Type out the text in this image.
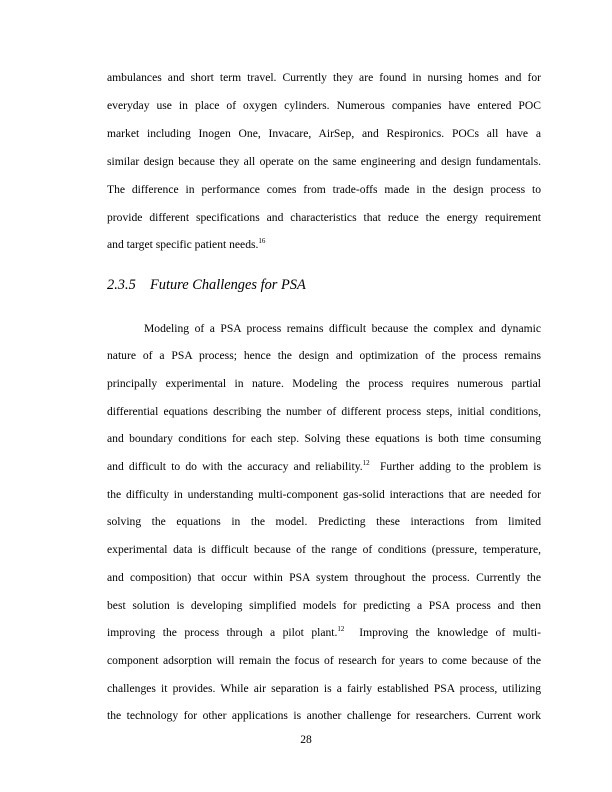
ambulances and short term travel. Currently they are found in nursing homes and for
everyday use in place of oxygen cylinders. Numerous companies have entered POC
market including Inogen One, Invacare, AirSep, and Respironics. POCs all have a
similar design because they all operate on the same engineering and design fundamentals.
The difference in performance comes from trade-offs made in the design process to
provide different specifications and characteristics that reduce the energy requirement
and target specific patient needs.$^{16}$
2.3.5 Future Challenges for PSA
Modeling of a PSA process remains difficult because the complex and dynamic
nature of a PSA process; hence the design and optimization of the process remains
principally experimental in nature. Modeling the process requires numerous partial
differential equations describing the number of different process steps, initial conditions,
and boundary conditions for each step. Solving these equations is both time consuming
and difficult to do with the accuracy and reliability.$^{12}$  Further adding to the problem is
the difficulty in understanding multi-component gas-solid interactions that are needed for
solving the equations in the model. Predicting these interactions from limited
experimental data is difficult because of the range of conditions (pressure, temperature,
and composition) that occur within PSA system throughout the process. Currently the
best solution is developing simplified models for predicting a PSA process and then
improving the process through a pilot plant.$^{12}$  Improving the knowledge of multi-
component adsorption will remain the focus of research for years to come because of the
challenges it provides. While air separation is a fairly established PSA process, utilizing
the technology for other applications is another challenge for researchers. Current work
28
